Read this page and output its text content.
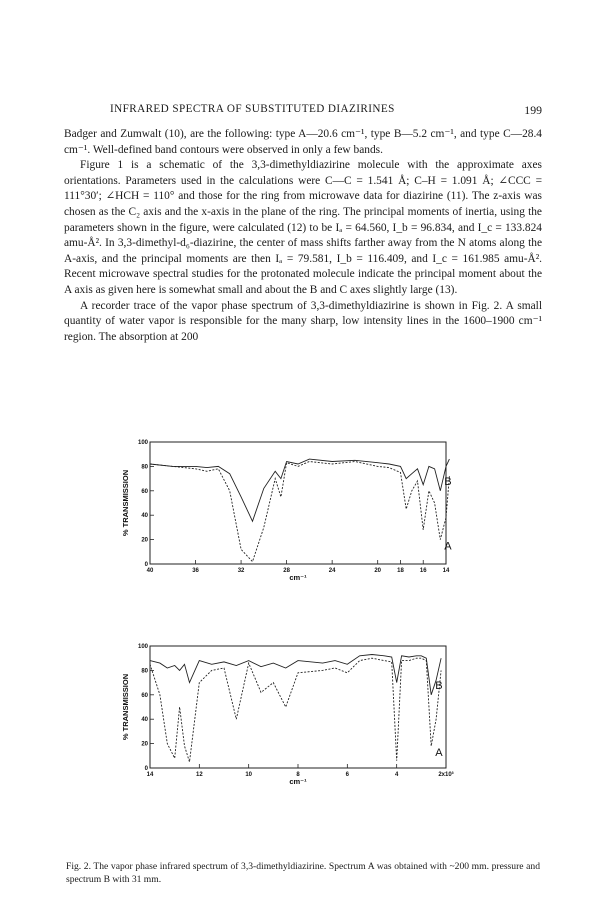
INFRARED SPECTRA OF SUBSTITUTED DIAZIRINES	199

Badger and Zumwalt (10), are the following: type A—20.6 cm⁻¹, type B—5.2 cm⁻¹, and type C—28.4 cm⁻¹. Well-defined band contours were observed in only a few bands.

Figure 1 is a schematic of the 3,3-dimethyldiazirine molecule with the approximate axes orientations. Parameters used in the calculations were C—C = 1.541 Å; C–H = 1.091 Å; ∠CCC = 111°30′; ∠HCH = 110° and those for the ring from microwave data for diazirine (11). The z-axis was chosen as the C₂ axis and the x-axis in the plane of the ring. The principal moments of inertia, using the parameters shown in the figure, were calculated (12) to be Iₐ = 64.560, I_b = 96.834, and I_c = 133.824 amu-Å². In 3,3-dimethyl-d₆-diazirine, the center of mass shifts farther away from the N atoms along the A-axis, and the principal moments are then Iₐ = 79.581, I_b = 116.409, and I_c = 161.985 amu-Å². Recent microwave spectral studies for the protonated molecule indicate the principal moment about the A axis as given here is somewhat small and about the B and C axes slightly large (13).

A recorder trace of the vapor phase spectrum of 3,3-dimethyldiazirine is shown in Fig. 2. A small quantity of water vapor is responsible for the many sharp, low intensity lines in the 1600–1900 cm⁻¹ region. The absorption at 200

100
80
60
40
20
0
40	36	32	28	24	20	18	16	14
% TRANSMISSION
cm⁻¹
B
A
100
80
60
40
20
0
14	12	10	8	6	4	2x10³
% TRANSMISSION
cm⁻¹
B
A
Fig. 2. The vapor phase infrared spectrum of 3,3-dimethyldiazirine. Spectrum A was obtained with ~200 mm. pressure and spectrum B with 31 mm.
